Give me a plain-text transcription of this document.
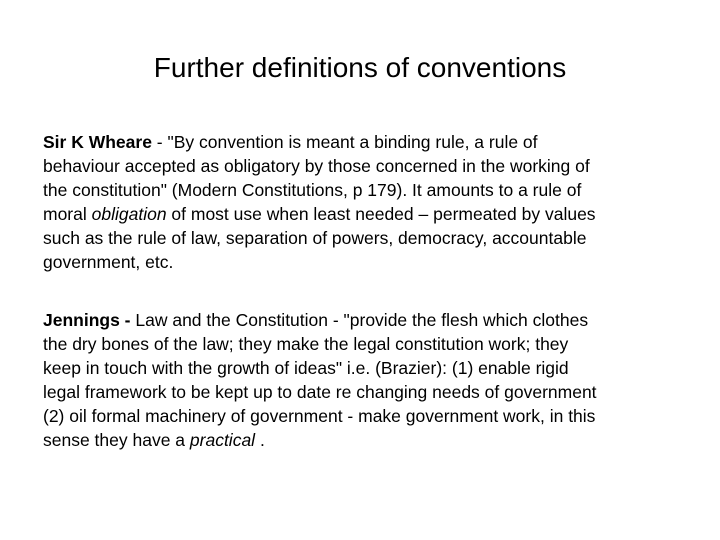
Further definitions of conventions
Sir K Wheare - "By convention is meant a binding rule, a rule of
behaviour accepted as obligatory by those concerned in the working of
the constitution" (Modern Constitutions, p 179). It amounts to a rule of
moral obligation of most use when least needed – permeated by values
such as the rule of law, separation of powers, democracy, accountable
government, etc.
Jennings - Law and the Constitution - "provide the flesh which clothes
the dry bones of the law; they make the legal constitution work; they
keep in touch with the growth of ideas" i.e. (Brazier): (1) enable rigid
legal framework to be kept up to date re changing needs of government
(2) oil formal machinery of government - make government work, in this
sense they have a practical .
